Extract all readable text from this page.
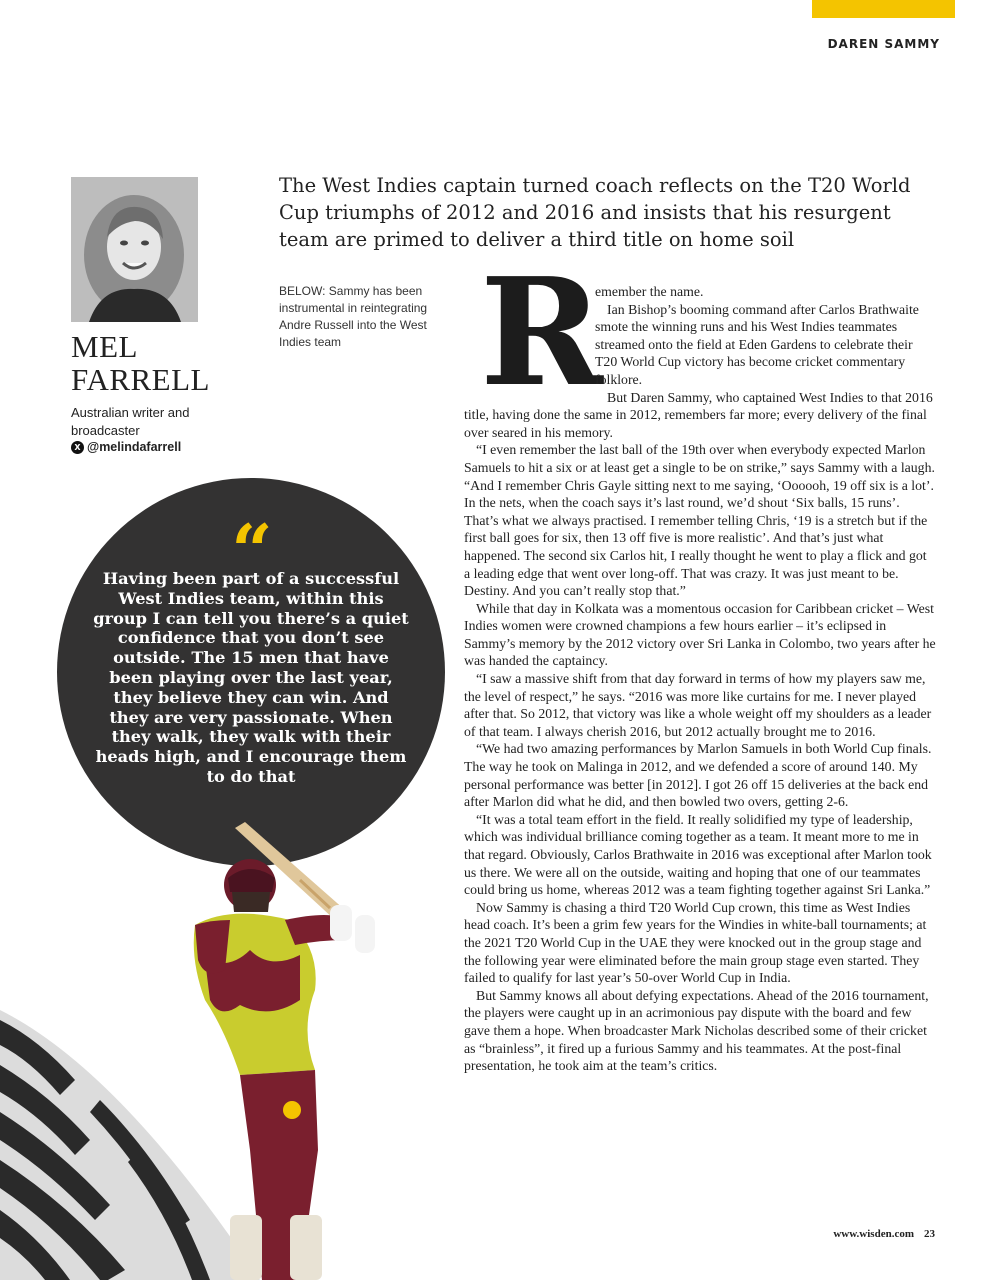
DAREN SAMMY
The West Indies captain turned coach reflects on the T20 World Cup triumphs of 2012 and 2016 and insists that his resurgent team are primed to deliver a third title on home soil
MEL
FARRELL
Australian writer and broadcaster
X @melindafarrell
BELOW: Sammy has been instrumental in reintegrating Andre Russell into the West Indies team
“
Having been part of a successful West Indies team, within this group I can tell you there’s a quiet confidence that you don’t see outside. The 15 men that have been playing over the last year, they believe they can win. And they are very passionate. When they walk, they walk with their heads high, and I encourage them to do that
R

emember the name.

Ian Bishop’s booming command after Carlos Brathwaite smote the winning runs and his West Indies teammates streamed onto the field at Eden Gardens to celebrate their T20 World Cup victory has become cricket commentary folklore.

But Daren Sammy, who captained West Indies to that 2016 title, having done the same in 2012, remembers far more; every delivery of the final over seared in his memory.

“I even remember the last ball of the 19th over when everybody expected Marlon Samuels to hit a six or at least get a single to be on strike,” says Sammy with a laugh. “And I remember Chris Gayle sitting next to me saying, ‘Oooooh, 19 off six is a lot’. In the nets, when the coach says it’s last round, we’d shout ‘Six balls, 15 runs’. That’s what we always practised. I remember telling Chris, ‘19 is a stretch but if the first ball goes for six, then 13 off five is more realistic’. And that’s just what happened. The second six Carlos hit, I really thought he went to play a flick and got a leading edge that went over long-off. That was crazy. It was just meant to be. Destiny. And you can’t really stop that.”

While that day in Kolkata was a momentous occasion for Caribbean cricket – West Indies women were crowned champions a few hours earlier – it’s eclipsed in Sammy’s memory by the 2012 victory over Sri Lanka in Colombo, two years after he was handed the captaincy.

“I saw a massive shift from that day forward in terms of how my players saw me, the level of respect,” he says. “2016 was more like curtains for me. I never played after that. So 2012, that victory was like a whole weight off my shoulders as a leader of that team. I always cherish 2016, but 2012 actually brought me to 2016.

“We had two amazing performances by Marlon Samuels in both World Cup finals. The way he took on Malinga in 2012, and we defended a score of around 140. My personal performance was better [in 2012]. I got 26 off 15 deliveries at the back end after Marlon did what he did, and then bowled two overs, getting 2-6.

“It was a total team effort in the field. It really solidified my type of leadership, which was individual brilliance coming together as a team. It meant more to me in that regard. Obviously, Carlos Brathwaite in 2016 was exceptional after Marlon took us there. We were all on the outside, waiting and hoping that one of our teammates could bring us home, whereas 2012 was a team fighting together against Sri Lanka.”

Now Sammy is chasing a third T20 World Cup crown, this time as West Indies head coach. It’s been a grim few years for the Windies in white-ball tournaments; at the 2021 T20 World Cup in the UAE they were knocked out in the group stage and the following year were eliminated before the main group stage even started. They failed to qualify for last year’s 50-over World Cup in India.

But Sammy knows all about defying expectations. Ahead of the 2016 tournament, the players were caught up in an acrimonious pay dispute with the board and few gave them a hope. When broadcaster Mark Nicholas described some of their cricket as “brainless”, it fired up a furious Sammy and his teammates. At the post-final presentation, he took aim at the team’s critics.

www.wisden.com 23
